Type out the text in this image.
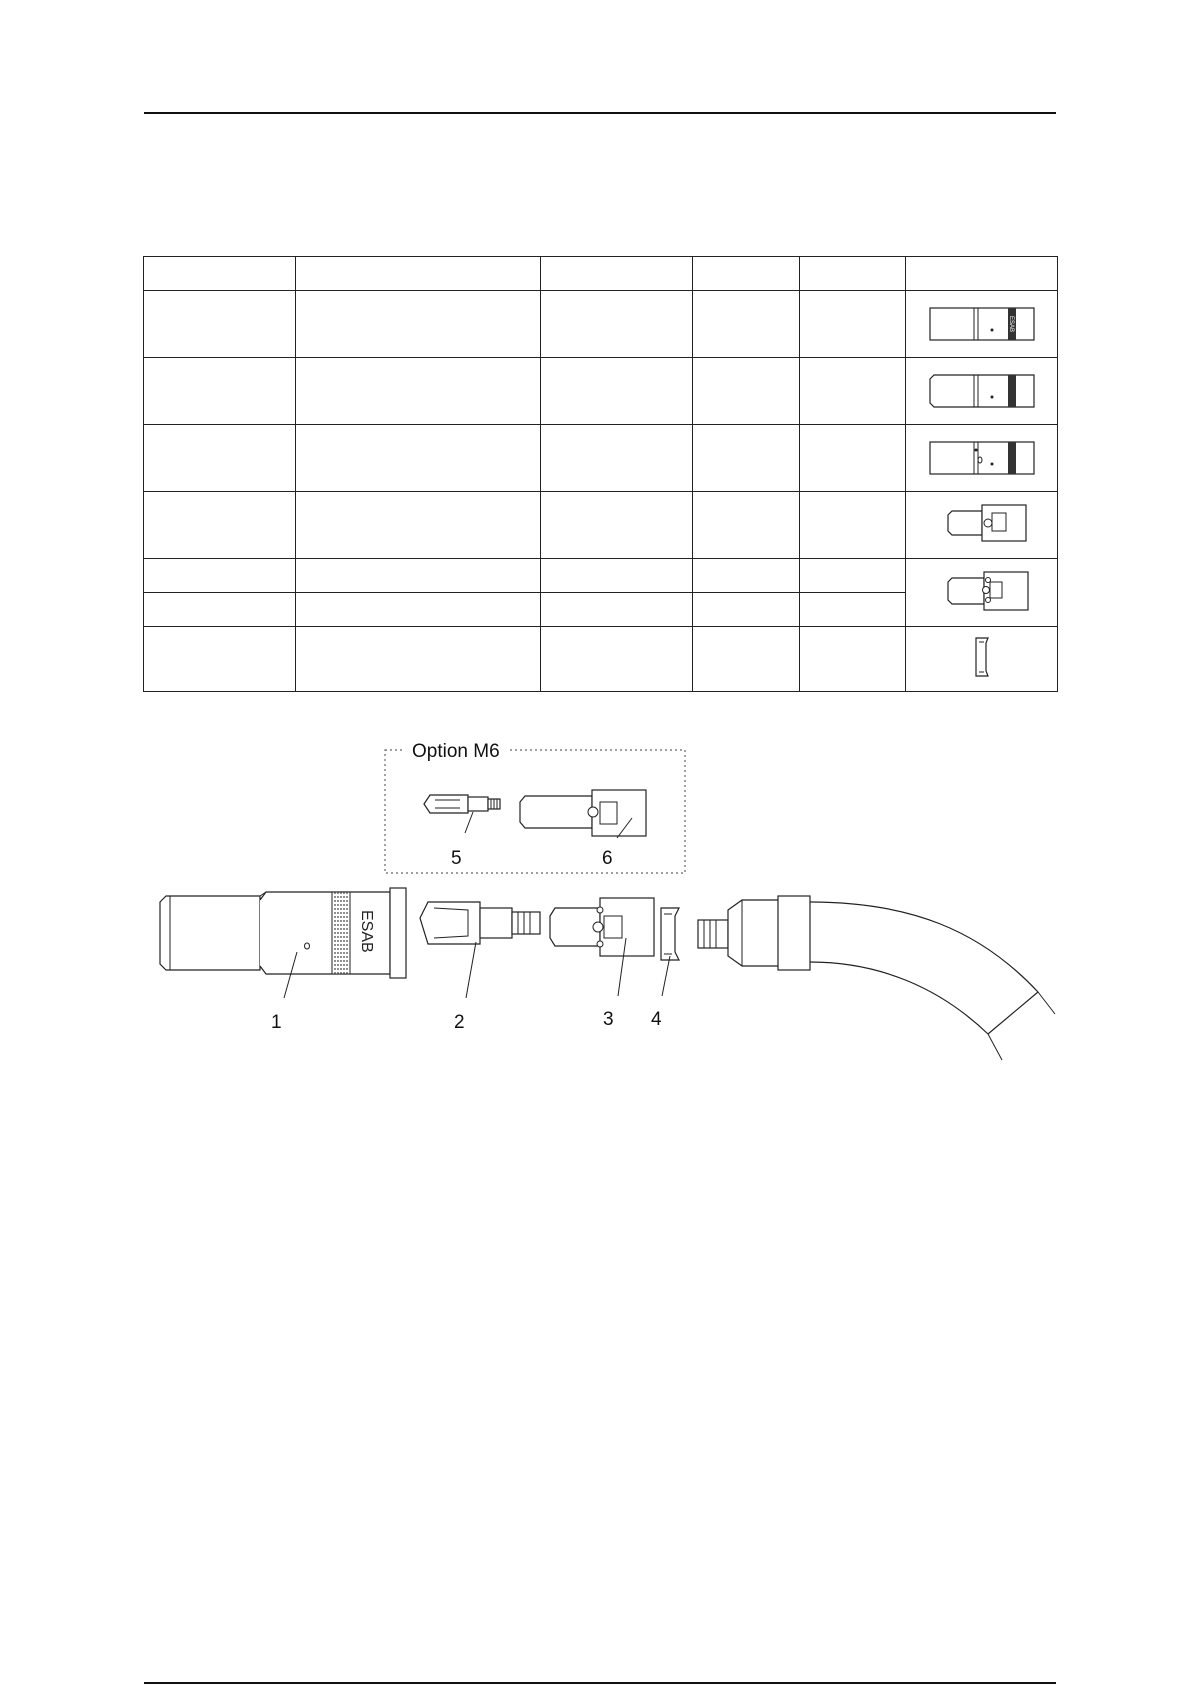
ESAB

Option M6
5	6
ESAB
1	2	3 4
